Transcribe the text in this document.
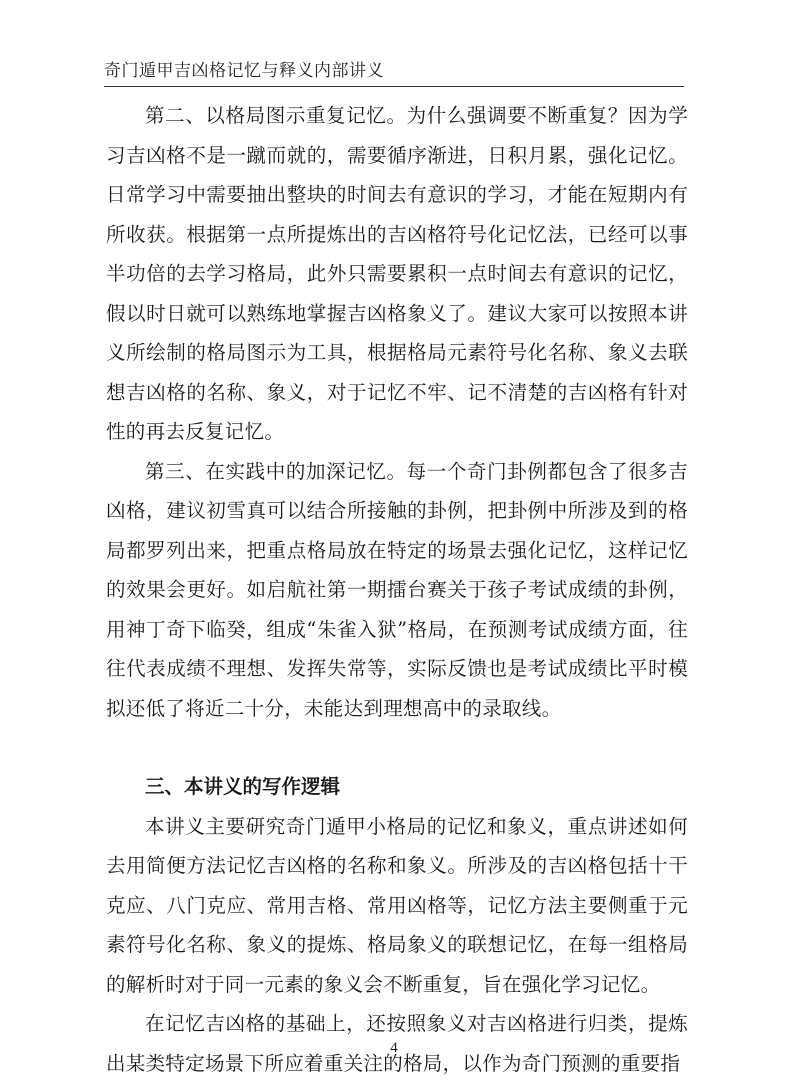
奇门遁甲吉凶格记忆与释义内部讲义

第二、以格局图示重复记忆。为什么强调要不断重复？因为学习吉凶格不是一蹴而就的，需要循序渐进，日积月累，强化记忆。日常学习中需要抽出整块的时间去有意识的学习，才能在短期内有所收获。根据第一点所提炼出的吉凶格符号化记忆法，已经可以事半功倍的去学习格局，此外只需要累积一点时间去有意识的记忆，假以时日就可以熟练地掌握吉凶格象义了。建议大家可以按照本讲义所绘制的格局图示为工具，根据格局元素符号化名称、象义去联想吉凶格的名称、象义，对于记忆不牢、记不清楚的吉凶格有针对性的再去反复记忆。

第三、在实践中的加深记忆。每一个奇门卦例都包含了很多吉凶格，建议初雪真可以结合所接触的卦例，把卦例中所涉及到的格局都罗列出来，把重点格局放在特定的场景去强化记忆，这样记忆的效果会更好。如启航社第一期擂台赛关于孩子考试成绩的卦例，用神丁奇下临癸，组成“朱雀入狱”格局，在预测考试成绩方面，往往代表成绩不理想、发挥失常等，实际反馈也是考试成绩比平时模拟还低了将近二十分，未能达到理想高中的录取线。

三、本讲义的写作逻辑

本讲义主要研究奇门遁甲小格局的记忆和象义，重点讲述如何去用简便方法记忆吉凶格的名称和象义。所涉及的吉凶格包括十干克应、八门克应、常用吉格、常用凶格等，记忆方法主要侧重于元素符号化名称、象义的提炼、格局象义的联想记忆，在每一组格局的解析时对于同一元素的象义会不断重复，旨在强化学习记忆。

在记忆吉凶格的基础上，还按照象义对吉凶格进行归类，提炼出某类特定场景下所应着重关注的格局，以作为奇门预测的重要指

4
